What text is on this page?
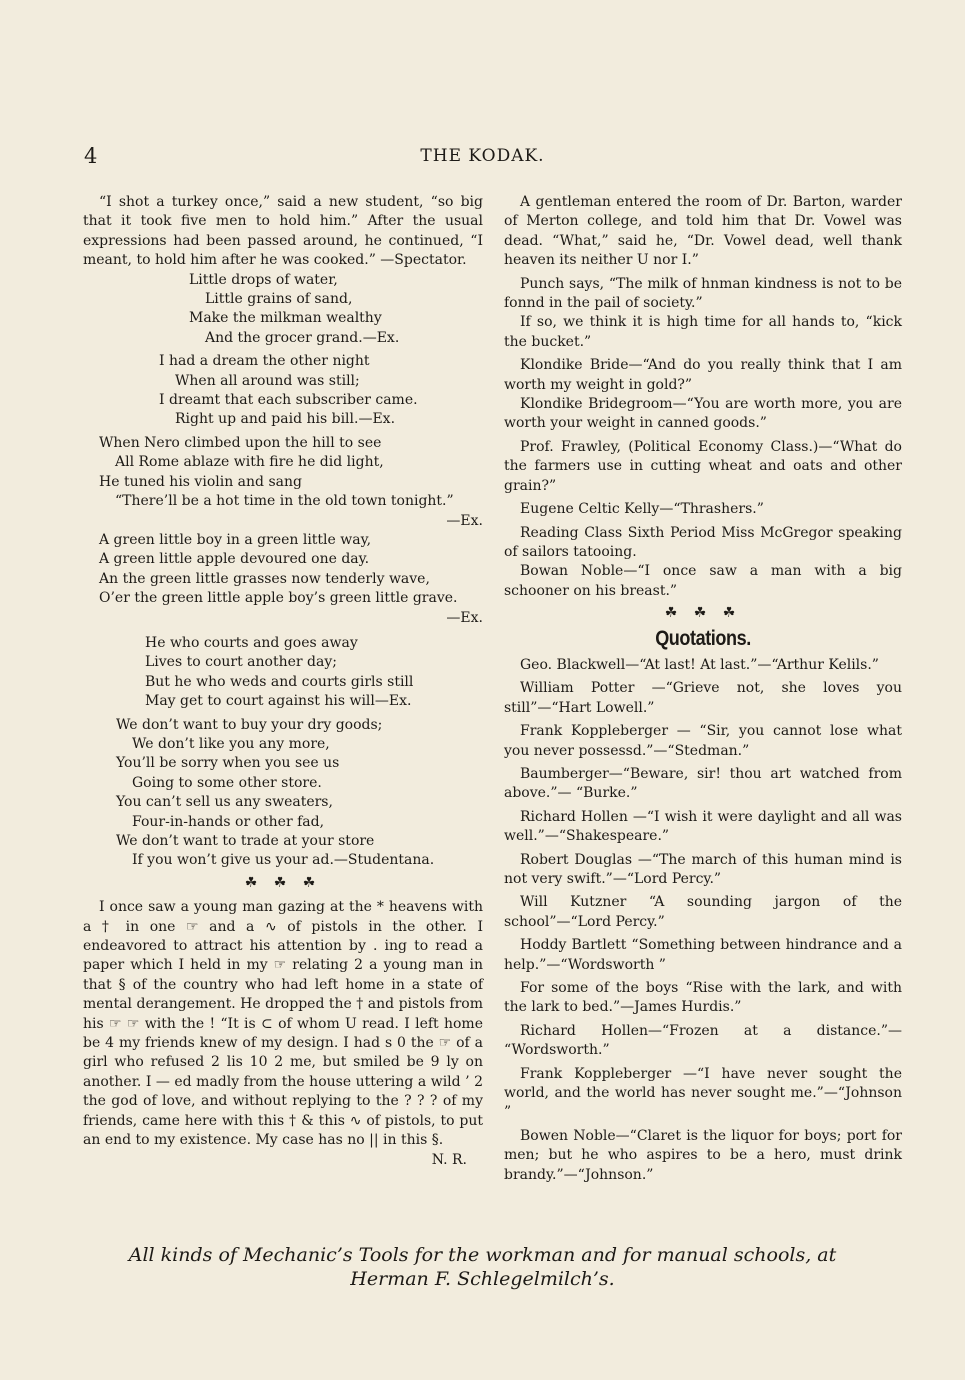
4	THE KODAK.

“I shot a turkey once,” said a new student, “so big that it took five men to hold him.” After the usual expressions had been passed around, he continued, “I meant, to hold him after he was cooked.” —Spectator.

Little drops of water,
Little grains of sand,
Make the milkman wealthy
And the grocer grand.—Ex.
I had a dream the other night
When all around was still;
I dreamt that each subscriber came.
Right up and paid his bill.—Ex.
When Nero climbed upon the hill to see
All Rome ablaze with fire he did light,
He tuned his violin and sang
“There’ll be a hot time in the old town tonight.”
—Ex.
A green little boy in a green little way,
A green little apple devoured one day.
An the green little grasses now tenderly wave,
O’er the green little apple boy’s green little grave.
—Ex.
He who courts and goes away
Lives to court another day;
But he who weds and courts girls still
May get to court against his will—Ex.
We don’t want to buy your dry goods;
We don’t like you any more,
You’ll be sorry when you see us
Going to some other store.
You can’t sell us any sweaters,
Four-in-hands or other fad,
We don’t want to trade at your store
If you won’t give us your ad.—Studentana.
☘ ☘ ☘

I once saw a young man gazing at the * heavens with a † in one ☞ and a ∿ of pistols in the other. I endeavored to attract his attention by . ing to read a paper which I held in my ☞ relating 2 a young man in that § of the country who had left home in a state of mental derangement. He dropped the † and pistols from his ☞ ☞ with the ! “It is ⊂ of whom U read. I left home be 4 my friends knew of my design. I had s 0 the ☞ of a girl who refused 2 lis 10 2 me, but smiled be 9 ly on another. I — ed madly from the house uttering a wild ’ 2 the god of love, and without replying to the ? ? ? of my friends, came here with this † & this ∿ of pistols, to put an end to my existence. My case has no || in this §.

N. R.

A gentleman entered the room of Dr. Barton, warder of Merton college, and told him that Dr. Vowel was dead. “What,” said he, “Dr. Vowel dead, well thank heaven its neither U nor I.”

Punch says, “The milk of hnman kindness is not to be fonnd in the pail of society.”

If so, we think it is high time for all hands to, “kick the bucket.”

Klondike Bride—“And do you really think that I am worth my weight in gold?”

Klondike Bridegroom—“You are worth more, you are worth your weight in canned goods.”

Prof. Frawley, (Political Economy Class.)—“What do the farmers use in cutting wheat and oats and other grain?”

Eugene Celtic Kelly—“Thrashers.”

Reading Class Sixth Period Miss McGregor speaking of sailors tatooing.

Bowan Noble—“I once saw a man with a big schooner on his breast.”

☘ ☘ ☘
Quotations.

Geo. Blackwell—“At last! At last.”—“Arthur Kelils.”

William Potter —“Grieve not, she loves you still”—“Hart Lowell.”

Frank Koppleberger — “Sir, you cannot lose what you never possessd.”—“Stedman.”

Baumberger—“Beware, sir! thou art watched from above.”— “Burke.”

Richard Hollen —“I wish it were daylight and all was well.”—“Shakespeare.”

Robert Douglas —“The march of this human mind is not very swift.”—“Lord Percy.”

Will Kutzner “A sounding jargon of the school”—“Lord Percy.”

Hoddy Bartlett “Something between hindrance and a help.”—“Wordsworth ”

For some of the boys “Rise with the lark, and with the lark to bed.”—James Hurdis.”

Richard Hollen—“Frozen at a distance.”— “Wordsworth.”

Frank Koppleberger —“I have never sought the world, and the world has never sought me.”—“Johnson ”

Bowen Noble—“Claret is the liquor for boys; port for men; but he who aspires to be a hero, must drink brandy.”—“Johnson.”

All kinds of Mechanic’s Tools for the workman and for manual schools, at
Herman F. Schlegelmilch’s.
